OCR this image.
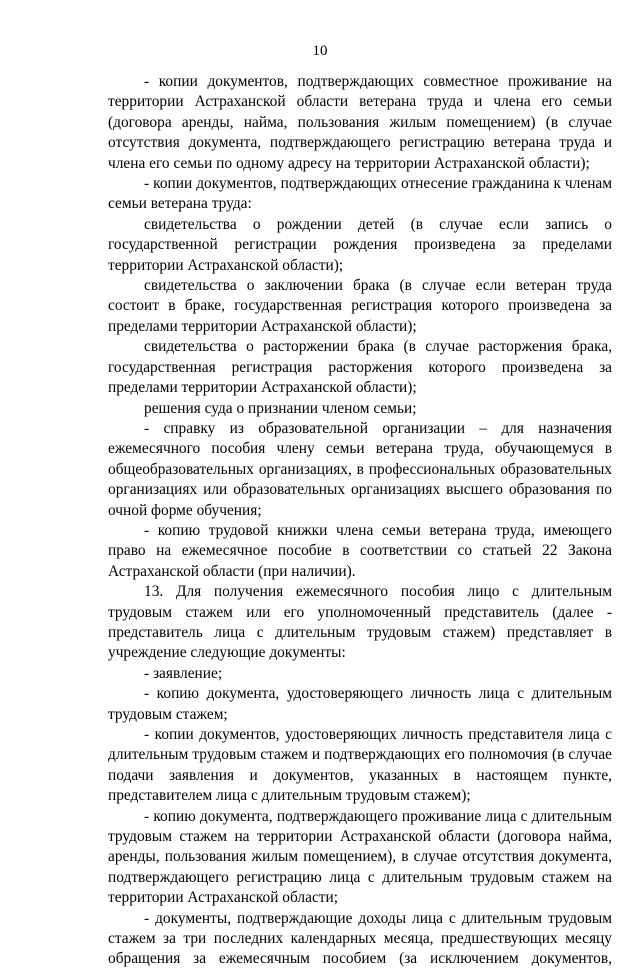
10

- копии документов, подтверждающих совместное проживание на территории Астраханской области ветерана труда и члена его семьи (договора аренды, найма, пользования жилым помещением) (в случае отсутствия документа, подтверждающего регистрацию ветерана труда и члена его семьи по одному адресу на территории Астраханской области);

- копии документов, подтверждающих отнесение гражданина к членам семьи ветерана труда:

свидетельства о рождении детей (в случае если запись о государственной регистрации рождения произведена за пределами территории Астраханской области);

свидетельства о заключении брака (в случае если ветеран труда состоит в браке, государственная регистрация которого произведена за пределами территории Астраханской области);

свидетельства о расторжении брака (в случае расторжения брака, государственная регистрация расторжения которого произведена за пределами территории Астраханской области);

решения суда о признании членом семьи;

- справку из образовательной организации – для назначения ежемесячного пособия члену семьи ветерана труда, обучающемуся в общеобразовательных организациях, в профессиональных образовательных организациях или образовательных организациях высшего образования по очной форме обучения;

- копию трудовой книжки члена семьи ветерана труда, имеющего право на ежемесячное пособие в соответствии со статьей 22 Закона Астраханской области (при наличии).

13. Для получения ежемесячного пособия лицо с длительным трудовым стажем или его уполномоченный представитель (далее - представитель лица с длительным трудовым стажем) представляет в учреждение следующие документы:

- заявление;

- копию документа, удостоверяющего личность лица с длительным трудовым стажем;

- копии документов, удостоверяющих личность представителя лица с длительным трудовым стажем и подтверждающих его полномочия (в случае подачи заявления и документов, указанных в настоящем пункте, представителем лица с длительным трудовым стажем);

- копию документа, подтверждающего проживание лица с длительным трудовым стажем на территории Астраханской области (договора найма, аренды, пользования жилым помещением), в случае отсутствия документа, подтверждающего регистрацию лица с длительным трудовым стажем на территории Астраханской области;

- документы, подтверждающие доходы лица с длительным трудовым стажем за три последних календарных месяца, предшествующих месяцу обращения за ежемесячным пособием (за исключением документов,
